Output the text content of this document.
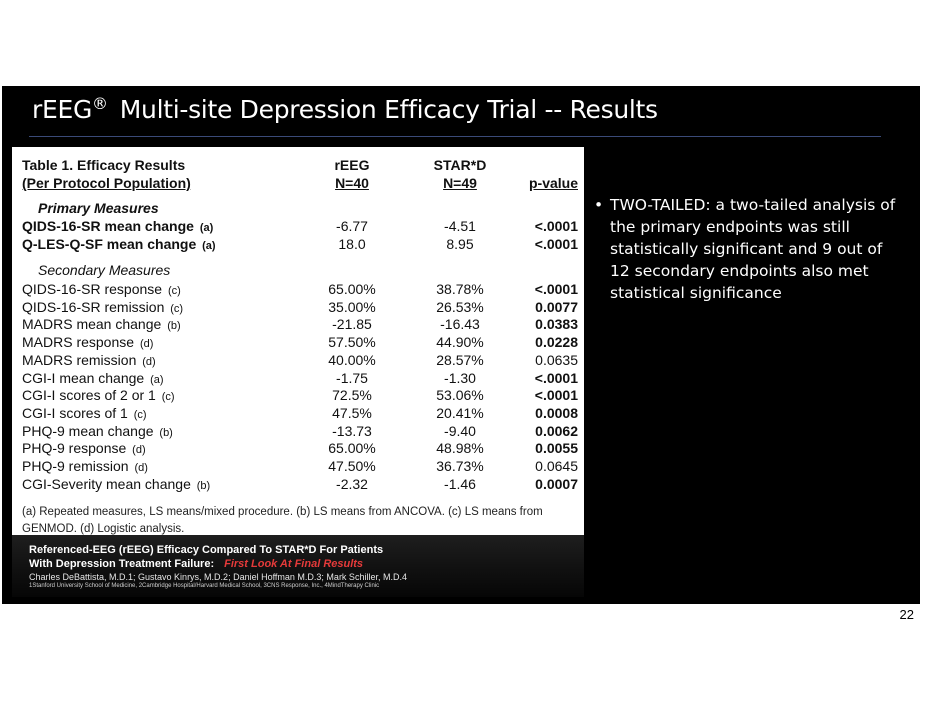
rEEG® Multi-site Depression Efficacy Trial -- Results
Table 1. Efficacy Results	rEEG	STAR*D
(Per Protocol Population)	N=40	N=49	p-value
Primary Measures
QIDS-16-SR mean change (a)	-6.77	-4.51	<.0001
Q-LES-Q-SF mean change (a)	18.0	8.95	<.0001
Secondary Measures
QIDS-16-SR response (c)	65.00%	38.78%	<.0001
QIDS-16-SR remission (c)	35.00%	26.53%	0.0077
MADRS mean change (b)	-21.85	-16.43	0.0383
MADRS response (d)	57.50%	44.90%	0.0228
MADRS remission (d)	40.00%	28.57%	0.0635
CGI-I mean change (a)	-1.75	-1.30	<.0001
CGI-I scores of 2 or 1 (c)	72.5%	53.06%	<.0001
CGI-I scores of 1 (c)	47.5%	20.41%	0.0008
PHQ-9 mean change (b)	-13.73	-9.40	0.0062
PHQ-9 response (d)	65.00%	48.98%	0.0055
PHQ-9 remission (d)	47.50%	36.73%	0.0645
CGI-Severity mean change (b)	-2.32	-1.46	0.0007
(a) Repeated measures, LS means/mixed procedure. (b) LS means from ANCOVA. (c) LS means from GENMOD. (d) Logistic analysis.
Referenced-EEG (rEEG) Efficacy Compared To STAR*D For Patients
With Depression Treatment Failure: First Look At Final Results
Charles DeBattista, M.D.1; Gustavo Kinrys, M.D.2; Daniel Hoffman M.D.3; Mark Schiller, M.D.4
1Stanford University School of Medicine, 2Cambridge Hospital/Harvard Medical School, 3CNS Response, Inc., 4MindTherapy Clinic
• TWO-TAILED: a two-tailed analysis of the primary endpoints was still statistically significant and 9 out of 12 secondary endpoints also met statistical significance
22
